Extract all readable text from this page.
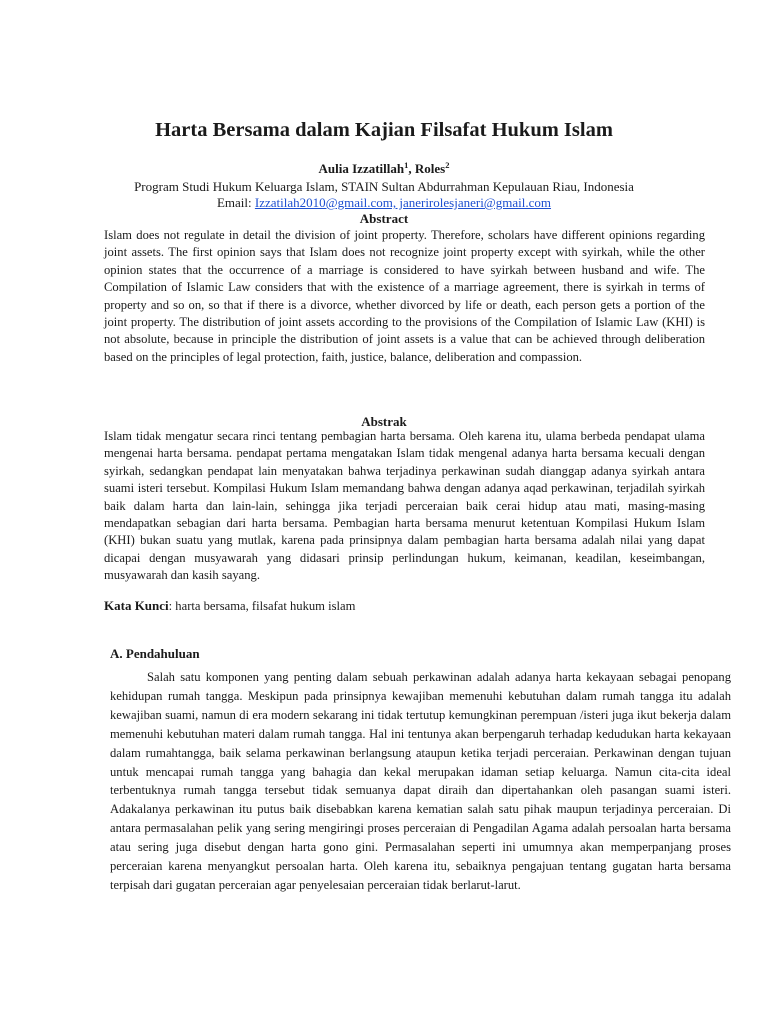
Harta Bersama dalam Kajian Filsafat Hukum Islam
Aulia Izzatillah$^1$, Roles$^2$
Program Studi Hukum Keluarga Islam, STAIN Sultan Abdurrahman Kepulauan Riau, Indonesia
Email: Izzatilah2010@gmail.com, janerirolesjaneri@gmail.com
Abstract

Islam does not regulate in detail the division of joint property. Therefore, scholars have different opinions regarding joint assets. The first opinion says that Islam does not recognize joint property except with syirkah, while the other opinion states that the occurrence of a marriage is considered to have syirkah between husband and wife. The Compilation of Islamic Law considers that with the existence of a marriage agreement, there is syirkah in terms of property and so on, so that if there is a divorce, whether divorced by life or death, each person gets a portion of the joint property. The distribution of joint assets according to the provisions of the Compilation of Islamic Law (KHI) is not absolute, because in principle the distribution of joint assets is a value that can be achieved through deliberation based on the principles of legal protection, faith, justice, balance, deliberation and compassion.

Abstrak

Islam tidak mengatur secara rinci tentang pembagian harta bersama. Oleh karena itu, ulama berbeda pendapat ulama mengenai harta bersama. pendapat pertama mengatakan Islam tidak mengenal adanya harta bersama kecuali dengan syirkah, sedangkan pendapat lain menyatakan bahwa terjadinya perkawinan sudah dianggap adanya syirkah antara suami isteri tersebut. Kompilasi Hukum Islam memandang bahwa dengan adanya aqad perkawinan, terjadilah syirkah baik dalam harta dan lain-lain, sehingga jika terjadi perceraian baik cerai hidup atau mati, masing-masing mendapatkan sebagian dari harta bersama. Pembagian harta bersama menurut ketentuan Kompilasi Hukum Islam (KHI) bukan suatu yang mutlak, karena pada prinsipnya dalam pembagian harta bersama adalah nilai yang dapat dicapai dengan musyawarah yang didasari prinsip perlindungan hukum, keimanan, keadilan, keseimbangan, musyawarah dan kasih sayang.

Kata Kunci: harta bersama, filsafat hukum islam

A. Pendahuluan

Salah satu komponen yang penting dalam sebuah perkawinan adalah adanya harta kekayaan sebagai penopang kehidupan rumah tangga. Meskipun pada prinsipnya kewajiban memenuhi kebutuhan dalam rumah tangga itu adalah kewajiban suami, namun di era modern sekarang ini tidak tertutup kemungkinan perempuan /isteri juga ikut bekerja dalam memenuhi kebutuhan materi dalam rumah tangga. Hal ini tentunya akan berpengaruh terhadap kedudukan harta kekayaan dalam rumahtangga, baik selama perkawinan berlangsung ataupun ketika terjadi perceraian. Perkawinan dengan tujuan untuk mencapai rumah tangga yang bahagia dan kekal merupakan idaman setiap keluarga. Namun cita-cita ideal terbentuknya rumah tangga tersebut tidak semuanya dapat diraih dan dipertahankan oleh pasangan suami isteri. Adakalanya perkawinan itu putus baik disebabkan karena kematian salah satu pihak maupun terjadinya perceraian. Di antara permasalahan pelik yang sering mengiringi proses perceraian di Pengadilan Agama adalah persoalan harta bersama atau sering juga disebut dengan harta gono gini. Permasalahan seperti ini umumnya akan memperpanjang proses perceraian karena menyangkut persoalan harta. Oleh karena itu, sebaiknya pengajuan tentang gugatan harta bersama terpisah dari gugatan perceraian agar penyelesaian perceraian tidak berlarut-larut.
